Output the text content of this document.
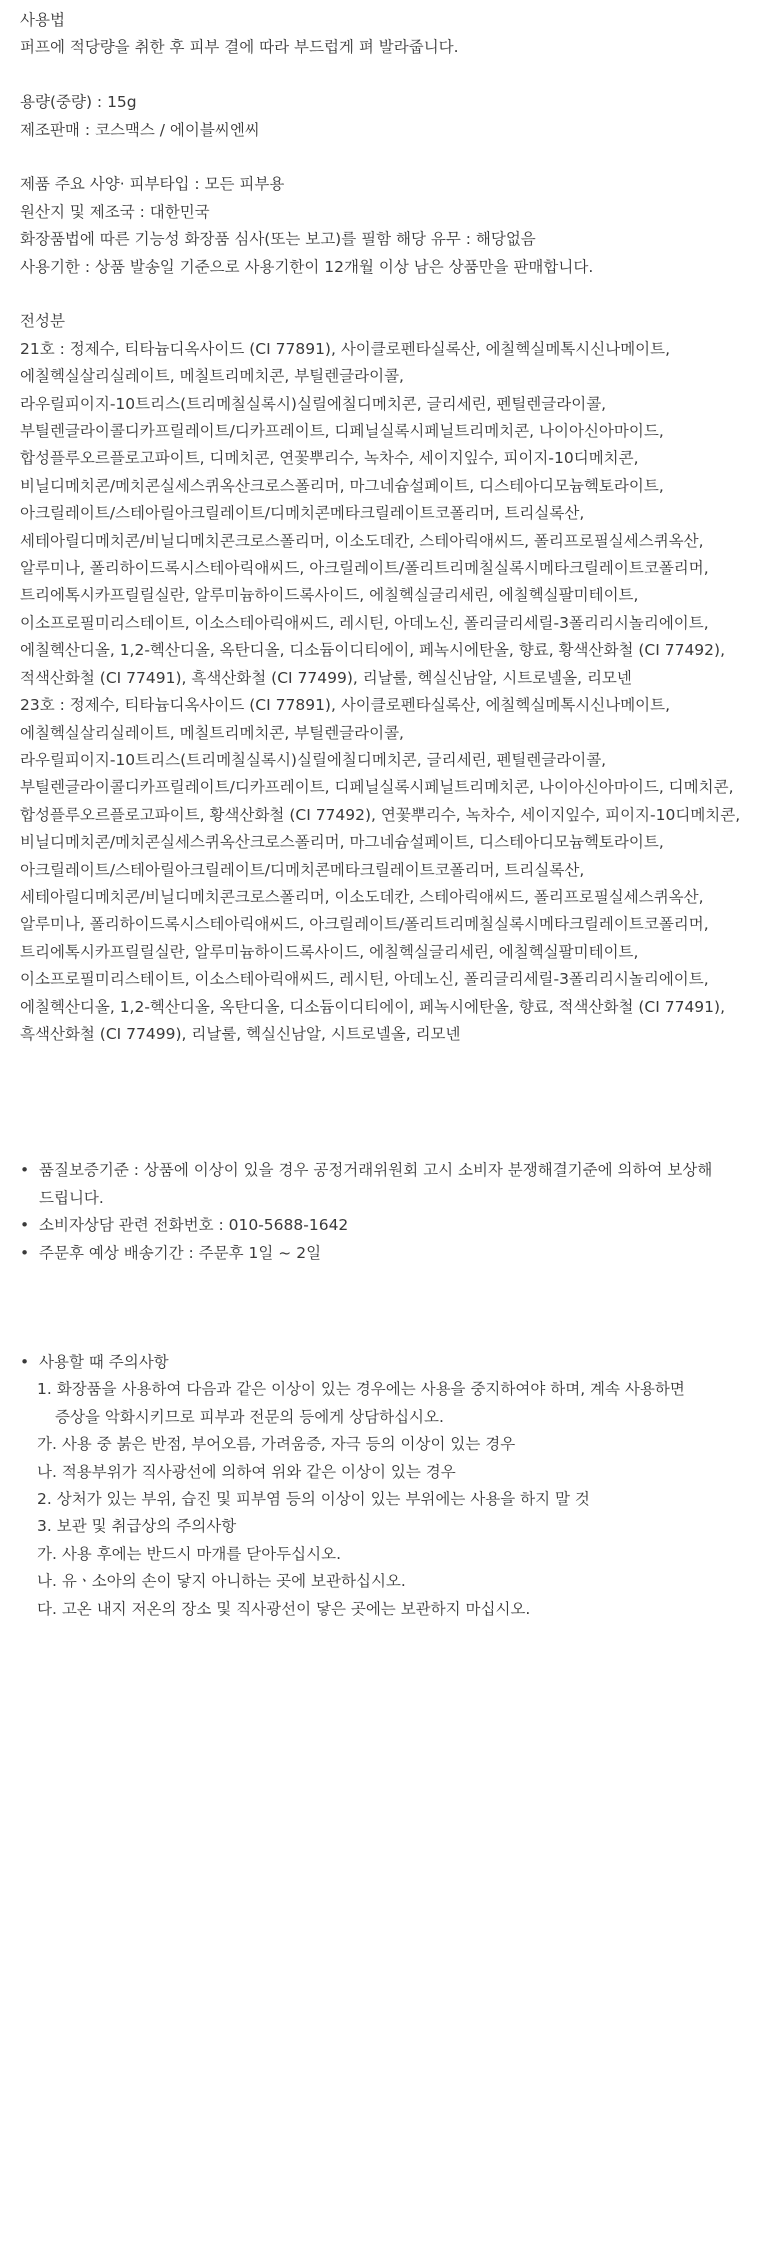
사용법
퍼프에 적당량을 취한 후 피부 결에 따라 부드럽게 펴 발라줍니다.
용량(중량) : 15g
제조판매 : 코스맥스 / 에이블씨엔씨
제품 주요 사양· 피부타입 : 모든 피부용
원산지 및 제조국 : 대한민국
화장품법에 따른 기능성 화장품 심사(또는 보고)를 필함 해당 유무 : 해당없음
사용기한 : 상품 발송일 기준으로 사용기한이 12개월 이상 남은 상품만을 판매합니다.
전성분
21호 : 정제수, 티타늄디옥사이드 (CI 77891), 사이클로펜타실록산, 에칠헥실메톡시신나메이트,
에칠헥실살리실레이트, 메칠트리메치콘, 부틸렌글라이콜,
라우릴피이지-10트리스(트리메칠실록시)실릴에칠디메치콘, 글리세린, 펜틸렌글라이콜,
부틸렌글라이콜디카프릴레이트/디카프레이트, 디페닐실록시페닐트리메치콘, 나이아신아마이드,
합성플루오르플로고파이트, 디메치콘, 연꽃뿌리수, 녹차수, 세이지잎수, 피이지-10디메치콘,
비닐디메치콘/메치콘실세스퀴옥산크로스폴리머, 마그네슘설페이트, 디스테아디모늄헥토라이트,
아크릴레이트/스테아릴아크릴레이트/디메치콘메타크릴레이트코폴리머, 트리실록산,
세테아릴디메치콘/비닐디메치콘크로스폴리머, 이소도데칸, 스테아릭애씨드, 폴리프로필실세스퀴옥산,
알루미나, 폴리하이드록시스테아릭애씨드, 아크릴레이트/폴리트리메칠실록시메타크릴레이트코폴리머,
트리에톡시카프릴릴실란, 알루미늄하이드록사이드, 에칠헥실글리세린, 에칠헥실팔미테이트,
이소프로필미리스테이트, 이소스테아릭애씨드, 레시틴, 아데노신, 폴리글리세릴-3폴리리시놀리에이트,
에칠헥산디올, 1,2-헥산디올, 옥탄디올, 디소듐이디티에이, 페녹시에탄올, 향료, 황색산화철 (CI 77492),
적색산화철 (CI 77491), 흑색산화철 (CI 77499), 리날룰, 헥실신남알, 시트로넬올, 리모넨
23호 : 정제수, 티타늄디옥사이드 (CI 77891), 사이클로펜타실록산, 에칠헥실메톡시신나메이트,
에칠헥실살리실레이트, 메칠트리메치콘, 부틸렌글라이콜,
라우릴피이지-10트리스(트리메칠실록시)실릴에칠디메치콘, 글리세린, 펜틸렌글라이콜,
부틸렌글라이콜디카프릴레이트/디카프레이트, 디페닐실록시페닐트리메치콘, 나이아신아마이드, 디메치콘,
합성플루오르플로고파이트, 황색산화철 (CI 77492), 연꽃뿌리수, 녹차수, 세이지잎수, 피이지-10디메치콘,
비닐디메치콘/메치콘실세스퀴옥산크로스폴리머, 마그네슘설페이트, 디스테아디모늄헥토라이트,
아크릴레이트/스테아릴아크릴레이트/디메치콘메타크릴레이트코폴리머, 트리실록산,
세테아릴디메치콘/비닐디메치콘크로스폴리머, 이소도데칸, 스테아릭애씨드, 폴리프로필실세스퀴옥산,
알루미나, 폴리하이드록시스테아릭애씨드, 아크릴레이트/폴리트리메칠실록시메타크릴레이트코폴리머,
트리에톡시카프릴릴실란, 알루미늄하이드록사이드, 에칠헥실글리세린, 에칠헥실팔미테이트,
이소프로필미리스테이트, 이소스테아릭애씨드, 레시틴, 아데노신, 폴리글리세릴-3폴리리시놀리에이트,
에칠헥산디올, 1,2-헥산디올, 옥탄디올, 디소듐이디티에이, 페녹시에탄올, 향료, 적색산화철 (CI 77491),
흑색산화철 (CI 77499), 리날룰, 헥실신남알, 시트로넬올, 리모넨
• 품질보증기준 : 상품에 이상이 있을 경우 공정거래위원회 고시 소비자 분쟁해결기준에 의하여 보상해
드립니다.
• 소비자상담 관련 전화번호 : 010-5688-1642
• 주문후 예상 배송기간 : 주문후 1일 ~ 2일
• 사용할 때 주의사항
1. 화장품을 사용하여 다음과 같은 이상이 있는 경우에는 사용을 중지하여야 하며, 계속 사용하면
증상을 악화시키므로 피부과 전문의 등에게 상담하십시오.
가. 사용 중 붉은 반점, 부어오름, 가려움증, 자극 등의 이상이 있는 경우
나. 적용부위가 직사광선에 의하여 위와 같은 이상이 있는 경우
2. 상처가 있는 부위, 습진 및 피부염 등의 이상이 있는 부위에는 사용을 하지 말 것
3. 보관 및 취급상의 주의사항
가. 사용 후에는 반드시 마개를 닫아두십시오.
나. 유ㆍ소아의 손이 닿지 아니하는 곳에 보관하십시오.
다. 고온 내지 저온의 장소 및 직사광선이 닿은 곳에는 보관하지 마십시오.
